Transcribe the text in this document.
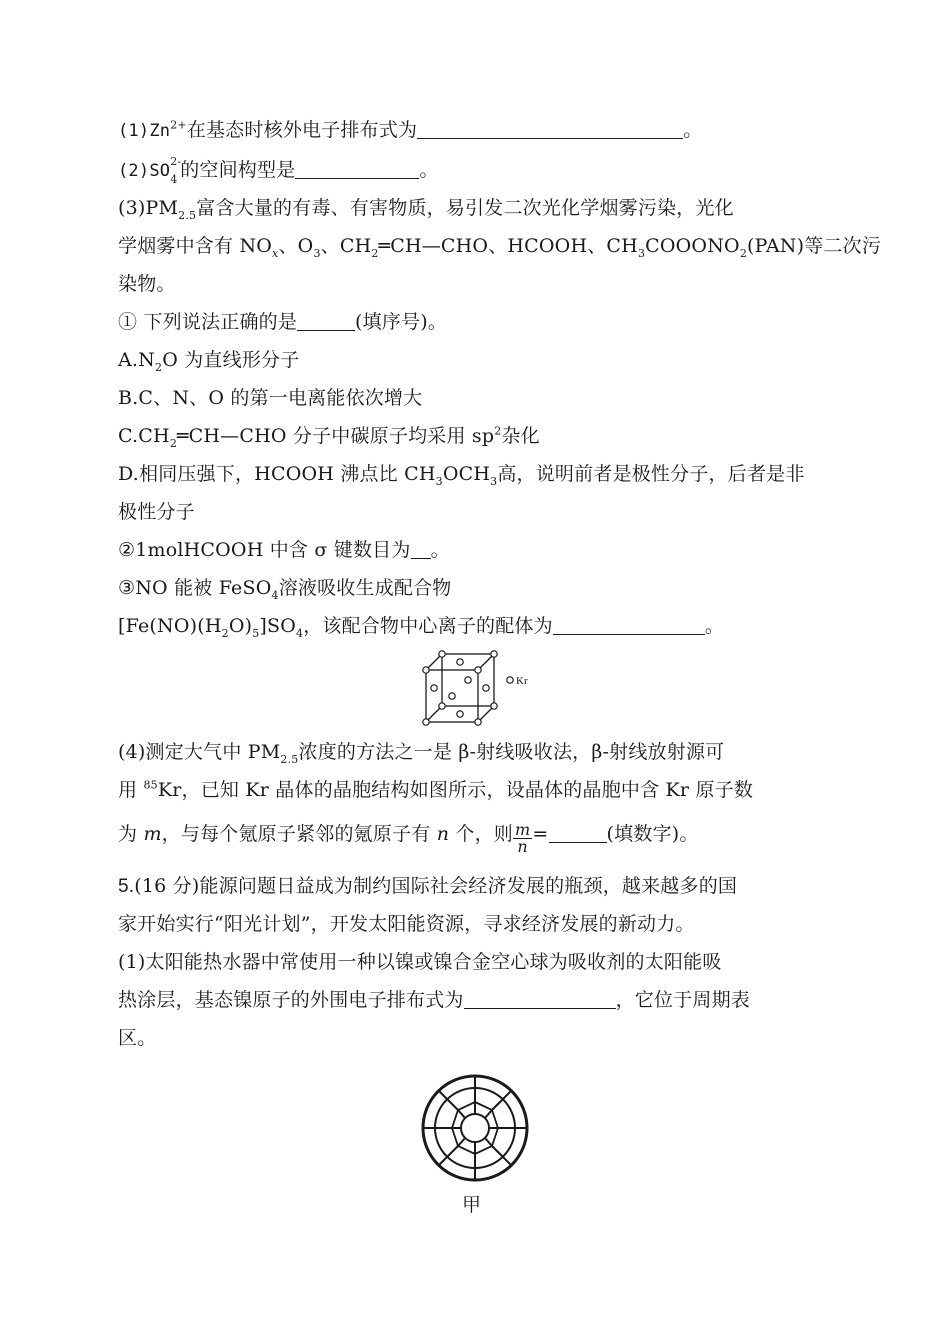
$(1)Zn^{2+}$在基态时核外电子排布式为	。
(2)SO 2-
4 的空间构型是	。
$(3)PM_{2.5}$富含大量的有毒、有害物质，易引发二次光化学烟雾污染，光化
学烟雾中含有 $NO_x$、$O_3$、$CH_2═CH—CHO$、HCOOH、$CH_3COOONO_2(PAN)$等二次污
染物。
① 下列说法正确的是	(填序号)。
$A.N_2O$ 为直线形分子
B.C、N、O 的第一电离能依次增大
$C.CH_2═CH—CHO$ 分子中碳原子均采用 $sp^2$杂化
D.相同压强下，HCOOH 沸点比 $CH_3OCH_3$高，说明前者是极性分子，后者是非
极性分子
②1molHCOOH 中含 σ 键数目为 。
③NO 能被 FeSO$_4$溶液吸收生成配合物
$[Fe(NO)(H_2O)_5]SO_4$，该配合物中心离子的配体为	。
Kr
(4)测定大气中 $PM_{2.5}$浓度的方法之一是 β-射线吸收法，β-射线放射源可
用 $^{85}$Kr，已知 Kr 晶体的晶胞结构如图所示，设晶体的晶胞中含 Kr 原子数
为 m，与每个氪原子紧邻的氪原子有 n 个，则 $\frac{m}{n}$ =	(填数字)。
5.(16 分)能源问题日益成为制约国际社会经济发展的瓶颈，越来越多的国
家开始实行“阳光计划”，开发太阳能资源，寻求经济发展的新动力。
(1)太阳能热水器中常使用一种以镍或镍合金空心球为吸收剂的太阳能吸
热涂层，基态镍原子的外围电子排布式为	，它位于周期表
区。
甲
